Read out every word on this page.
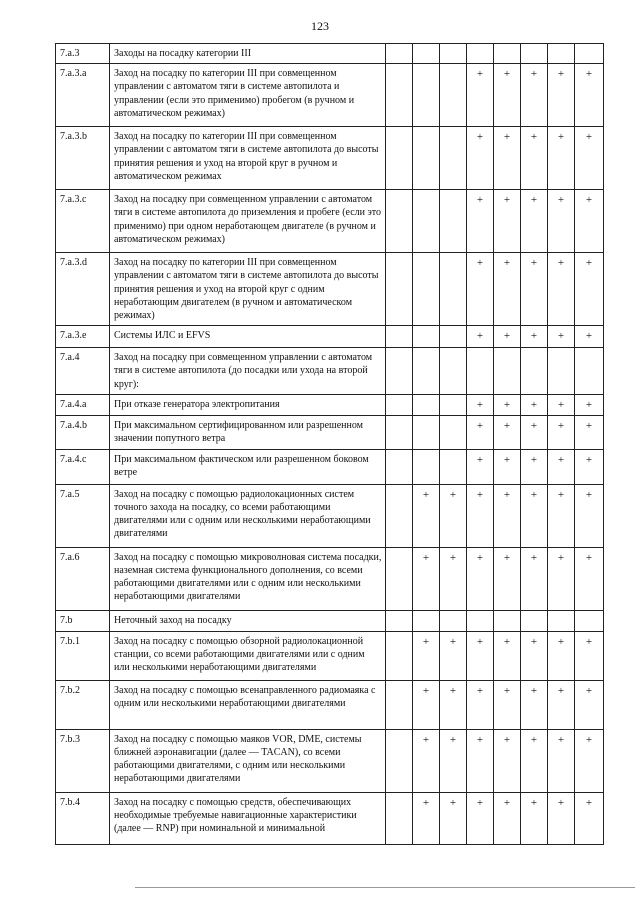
123
7.a.3	Заходы на посадку категории III								
7.a.3.a	Заход на посадку по категории III при совмещенном управлении с автоматом тяги в системе автопилота и управлении (если это применимо) пробегом (в ручном и автоматическом режимах)				+	+	+	+	+
7.a.3.b	Заход на посадку по категории III при совмещенном управлении с автоматом тяги в системе автопилота до высоты принятия решения и уход на второй круг в ручном и автоматическом режимах				+	+	+	+	+
7.a.3.c	Заход на посадку при совмещенном управлении с автоматом тяги в системе автопилота до приземления и пробеге (если это применимо) при одном неработающем двигателе (в ручном и автоматическом режимах)				+	+	+	+	+
7.a.3.d	Заход на посадку по категории III при совмещенном управлении с автоматом тяги в системе автопилота до высоты принятия решения и уход на второй круг с одним неработающим двигателем (в ручном и автоматическом режимах)				+	+	+	+	+
7.a.3.e	Системы ИЛС и EFVS				+	+	+	+	+
7.a.4	Заход на посадку при совмещенном управлении с автоматом тяги в системе автопилота (до посадки или ухода на второй круг):								
7.a.4.a	При отказе генератора электропитания				+	+	+	+	+
7.a.4.b	При максимальном сертифицированном или разрешенном значении попутного ветра				+	+	+	+	+
7.a.4.c	При максимальном фактическом или разрешенном боковом ветре				+	+	+	+	+
7.a.5	Заход на посадку с помощью радиолокационных систем точного захода на посадку, со всеми работающими двигателями или с одним или несколькими неработающими двигателями		+	+	+	+	+	+	+
7.a.6	Заход на посадку с помощью микроволновая система посадки, наземная система функционального дополнения, со всеми работающими двигателями или с одним или несколькими неработающими двигателями		+	+	+	+	+	+	+
7.b	Неточный заход на посадку								
7.b.1	Заход на посадку с помощью обзорной радиолокационной станции, со всеми работающими двигателями или с одним или несколькими неработающими двигателями		+	+	+	+	+	+	+
7.b.2	Заход на посадку с помощью всенаправленного радиомаяка с одним или несколькими неработающими двигателями		+	+	+	+	+	+	+
7.b.3	Заход на посадку с помощью маяков VOR, DME, системы ближней аэронавигации (далее — TACAN), со всеми работающими двигателями, с одним или несколькими неработающими двигателями		+	+	+	+	+	+	+
7.b.4	Заход на посадку с помощью средств, обеспечивающих необходимые требуемые навигационные характеристики (далее — RNP) при номинальной и минимальной		+	+	+	+	+	+	+
